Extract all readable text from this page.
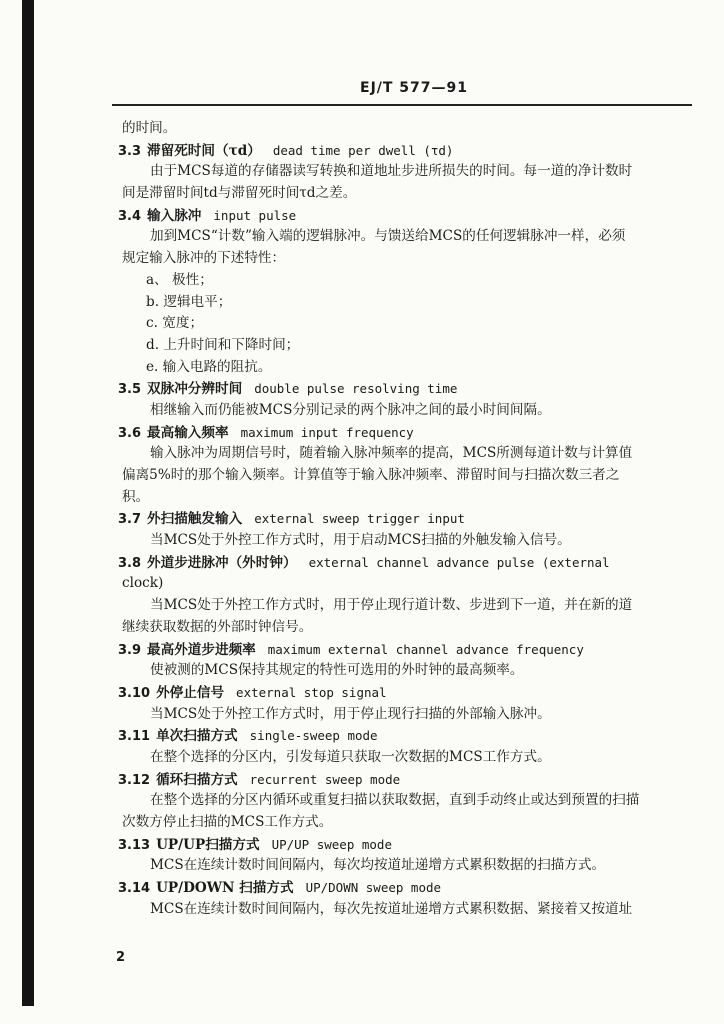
EJ/T 577—91
的时间。
3.3 滞留死时间（τd） dead time per dwell (τd)
由于MCS每道的存储器读写转换和道地址步进所损失的时间。每一道的净计数时
间是滞留时间td与滞留死时间τd之差。
3.4 输入脉冲 input pulse
加到MCS“计数”输入端的逻辑脉冲。与馈送给MCS的任何逻辑脉冲一样，必须
规定输入脉冲的下述特性：
a、 极性；
b. 逻辑电平；
c. 宽度；
d. 上升时间和下降时间；
e. 输入电路的阻抗。
3.5 双脉冲分辨时间 double pulse resolving time
相继输入而仍能被MCS分别记录的两个脉冲之间的最小时间间隔。
3.6 最高输入频率 maximum input frequency
输入脉冲为周期信号时，随着输入脉冲频率的提高，MCS所测每道计数与计算值
偏离5%时的那个输入频率。计算值等于输入脉冲频率、滞留时间与扫描次数三者之
积。
3.7 外扫描触发输入 external sweep trigger input
当MCS处于外控工作方式时，用于启动MCS扫描的外触发输入信号。
3.8 外道步进脉冲（外时钟） external channel advance pulse (external
clock)
当MCS处于外控工作方式时，用于停止现行道计数、步进到下一道，并在新的道
继续获取数据的外部时钟信号。
3.9 最高外道步进频率 maximum external channel advance frequency
使被测的MCS保持其规定的特性可选用的外时钟的最高频率。
3.10 外停止信号 external stop signal
当MCS处于外控工作方式时，用于停止现行扫描的外部输入脉冲。
3.11 单次扫描方式 single-sweep mode
在整个选择的分区内，引发每道只获取一次数据的MCS工作方式。
3.12 循环扫描方式 recurrent sweep mode
在整个选择的分区内循环或重复扫描以获取数据，直到手动终止或达到预置的扫描
次数方停止扫描的MCS工作方式。
3.13 UP/UP扫描方式 UP/UP sweep mode
MCS在连续计数时间间隔内，每次均按道址递增方式累积数据的扫描方式。
3.14 UP/DOWN 扫描方式 UP/DOWN sweep mode
MCS在连续计数时间间隔内，每次先按道址递增方式累积数据、紧接着又按道址
2
